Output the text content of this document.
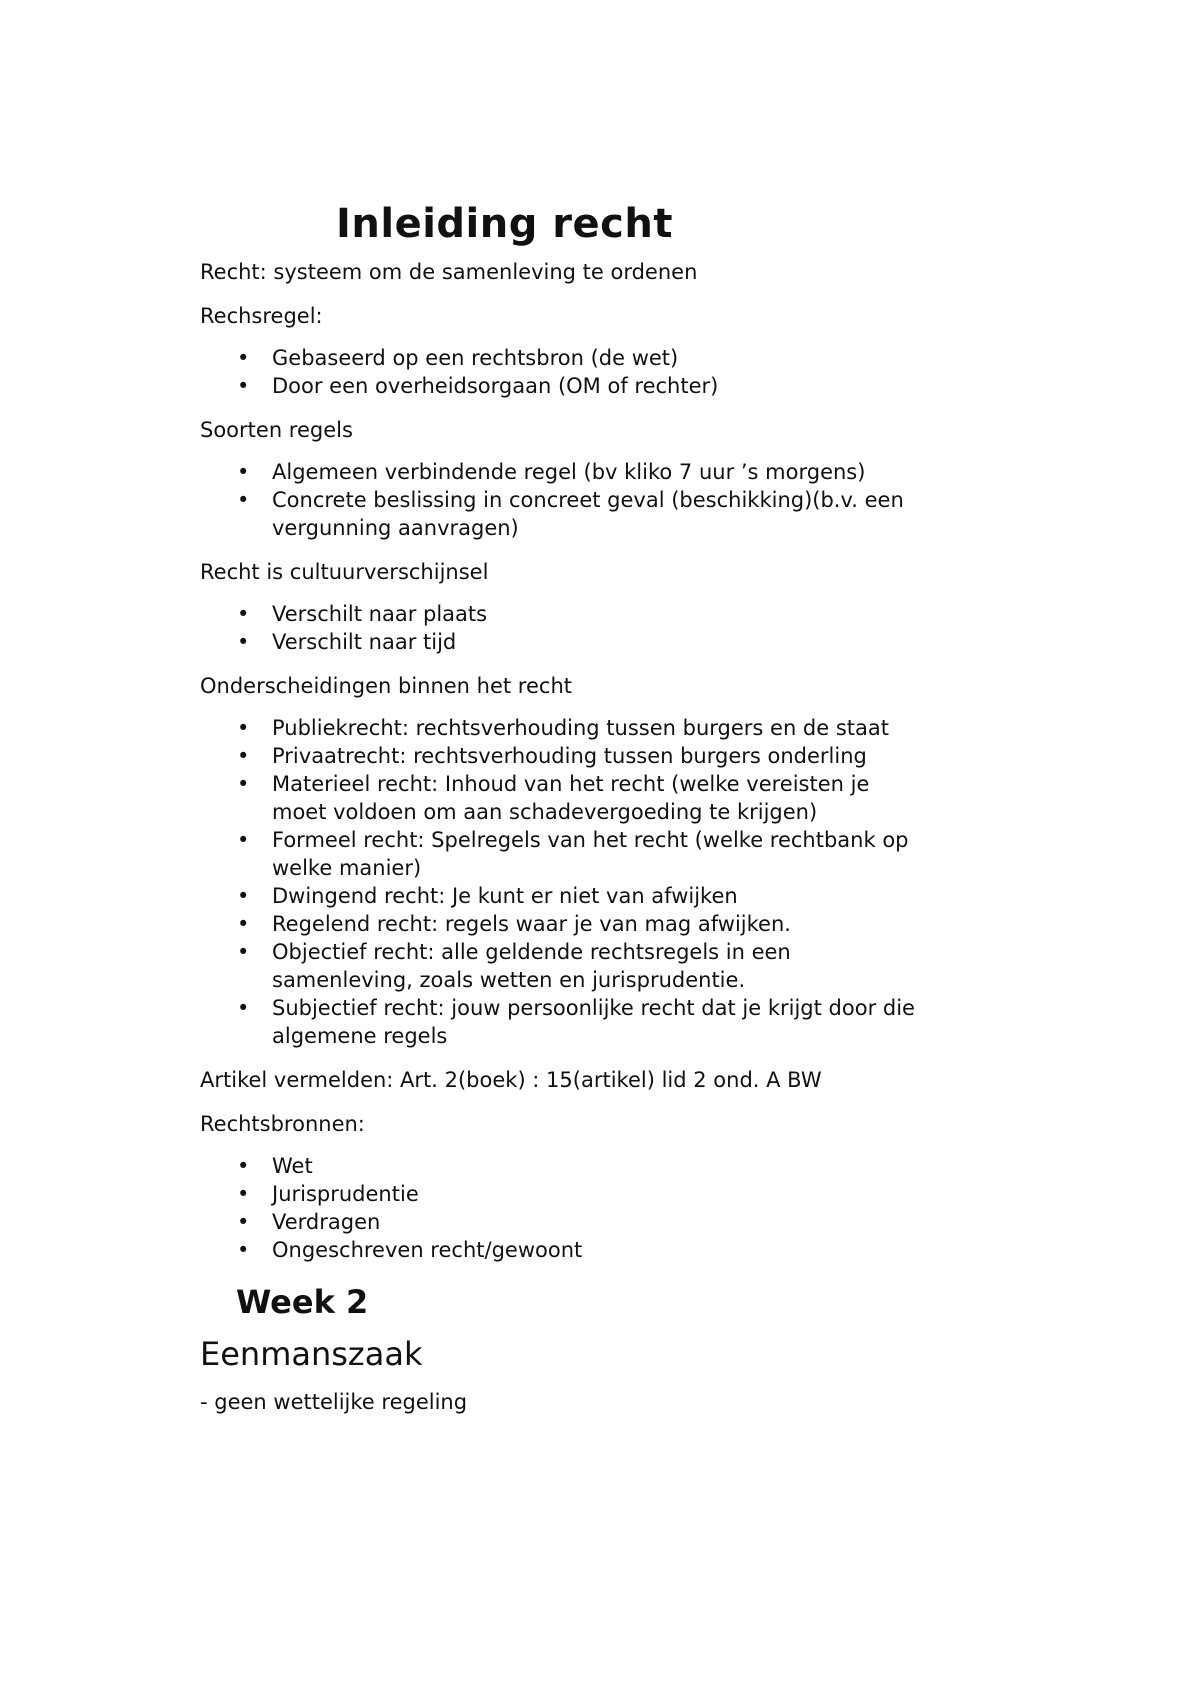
Inleiding recht

Recht: systeem om de samenleving te ordenen

Rechsregel:

• Gebaseerd op een rechtsbron (de wet)
• Door een overheidsorgaan (OM of rechter)

Soorten regels

• Algemeen verbindende regel (bv kliko 7 uur ’s morgens)
• Concrete beslissing in concreet geval (beschikking)(b.v. een vergunning aanvragen)

Recht is cultuurverschijnsel

• Verschilt naar plaats
• Verschilt naar tijd

Onderscheidingen binnen het recht

• Publiekrecht: rechtsverhouding tussen burgers en de staat
• Privaatrecht: rechtsverhouding tussen burgers onderling
• Materieel recht: Inhoud van het recht (welke vereisten je moet voldoen om aan schadevergoeding te krijgen)
• Formeel recht: Spelregels van het recht (welke rechtbank op welke manier)
• Dwingend recht: Je kunt er niet van afwijken
• Regelend recht: regels waar je van mag afwijken.
• Objectief recht: alle geldende rechtsregels in een samenleving, zoals wetten en jurisprudentie.
• Subjectief recht: jouw persoonlijke recht dat je krijgt door die algemene regels

Artikel vermelden: Art. 2(boek) : 15(artikel) lid 2 ond. A BW

Rechtsbronnen:

• Wet
• Jurisprudentie
• Verdragen
• Ongeschreven recht/gewoont
Week 2
Eenmanszaak

- geen wettelijke regeling
